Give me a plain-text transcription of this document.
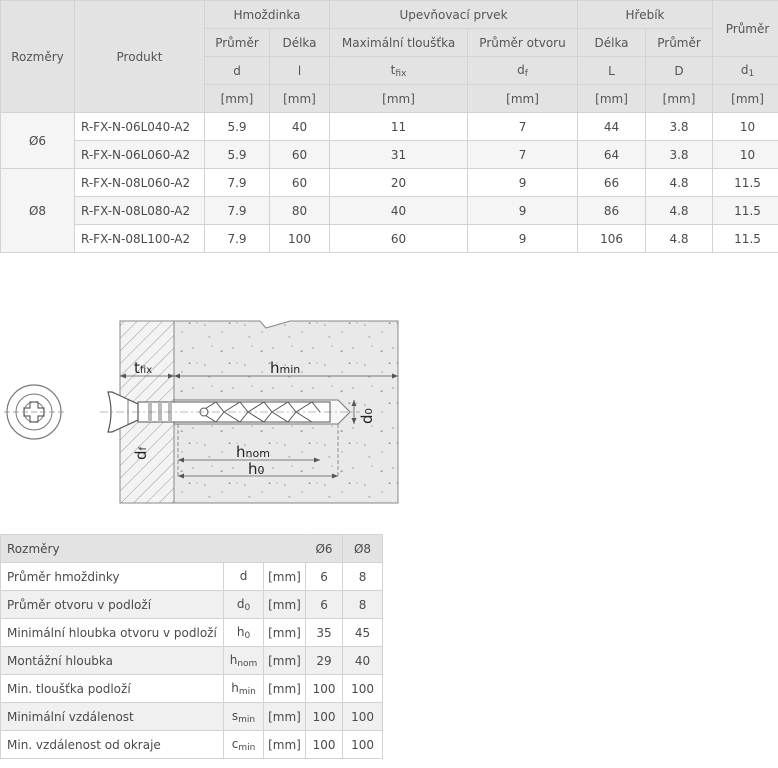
Rozměry	Produkt	Hmoždinka		Upevňovací prvek		Hřebík		Průměr
		Průměr	Délka	Maximální tloušťka	Průměr otvoru	Délka	Průměr	
		d	l	$t_{fix}$	$d_f$	L	D	$d_1$
		[mm]	[mm]	[mm]	[mm]	[mm]	[mm]	[mm]
Ø6	R-FX-N-06L040-A2	5.9	40	11	7	44	3.8	10
	R-FX-N-06L060-A2	5.9	60	31	7	64	3.8	10
Ø8	R-FX-N-08L060-A2	7.9	60	20	9	66	4.8	11.5
	R-FX-N-08L080-A2	7.9	80	40	9	86	4.8	11.5
	R-FX-N-08L100-A2	7.9	100	60	9	106	4.8	11.5
tfix	hmin
df
d0
hnom
h0
Rozměry			Ø6	Ø8
Průměr hmoždinky	d	[mm]	6	8
Průměr otvoru v podloží	$d_0$	[mm]	6	8
Minimální hloubka otvoru v podloží	$h_0$	[mm]	35	45
Montážní hloubka	$h_{nom}$	[mm]	29	40
Min. tloušťka podloží	$h_{min}$	[mm]	100	100
Minimální vzdálenost	$s_{min}$	[mm]	100	100
Min. vzdálenost od okraje	$c_{min}$	[mm]	100	100
